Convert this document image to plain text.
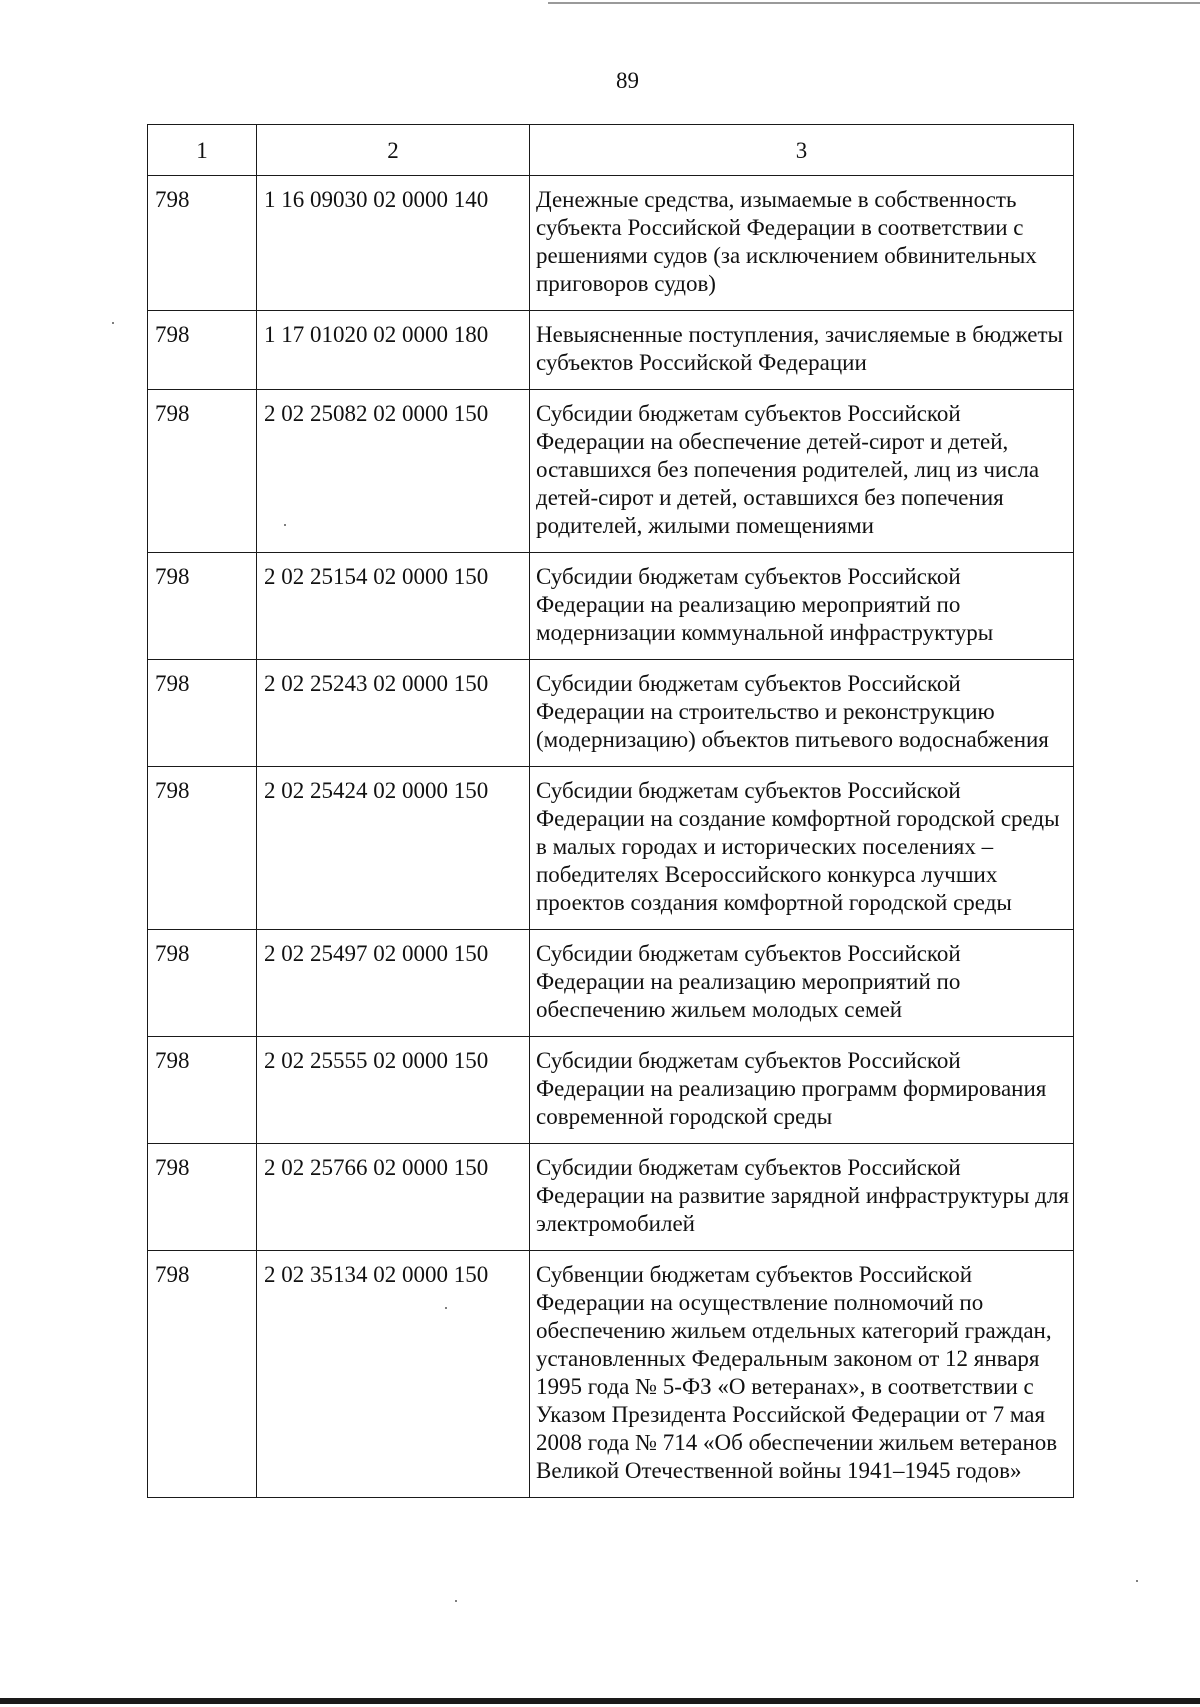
89
1	2	3
798	1 16 09030 02 0000 140	Денежные средства, изымаемые в собственность субъекта Российской Федерации в соответствии с решениями судов (за исключением обвинительных приговоров судов)
798	1 17 01020 02 0000 180	Невыясненные поступления, зачисляемые в бюджеты субъектов Российской Федерации
798	2 02 25082 02 0000 150	Субсидии бюджетам субъектов Российской Федерации на обеспечение детей-сирот и детей, оставшихся без попечения родителей, лиц из числа детей-сирот и детей, оставшихся без попечения родителей, жилыми помещениями
798	2 02 25154 02 0000 150	Субсидии бюджетам субъектов Российской Федерации на реализацию мероприятий по модернизации коммунальной инфраструктуры
798	2 02 25243 02 0000 150	Субсидии бюджетам субъектов Российской Федерации на строительство и реконструкцию (модернизацию) объектов питьевого водоснабжения
798	2 02 25424 02 0000 150	Субсидии бюджетам субъектов Российской Федерации на создание комфортной городской среды в малых городах и исторических поселениях – победителях Всероссийского конкурса лучших проектов создания комфортной городской среды
798	2 02 25497 02 0000 150	Субсидии бюджетам субъектов Российской Федерации на реализацию мероприятий по обеспечению жильем молодых семей
798	2 02 25555 02 0000 150	Субсидии бюджетам субъектов Российской Федерации на реализацию программ формирования современной городской среды
798	2 02 25766 02 0000 150	Субсидии бюджетам субъектов Российской Федерации на развитие зарядной инфраструктуры для электромобилей
798	2 02 35134 02 0000 150	Субвенции бюджетам субъектов Российской Федерации на осуществление полномочий по обеспечению жильем отдельных категорий граждан, установленных Федеральным законом от 12 января 1995 года № 5-ФЗ «О ветеранах», в соответствии с Указом Президента Российской Федерации от 7 мая 2008 года № 714 «Об обеспечении жильем ветеранов Великой Отечественной войны 1941–1945 годов»
